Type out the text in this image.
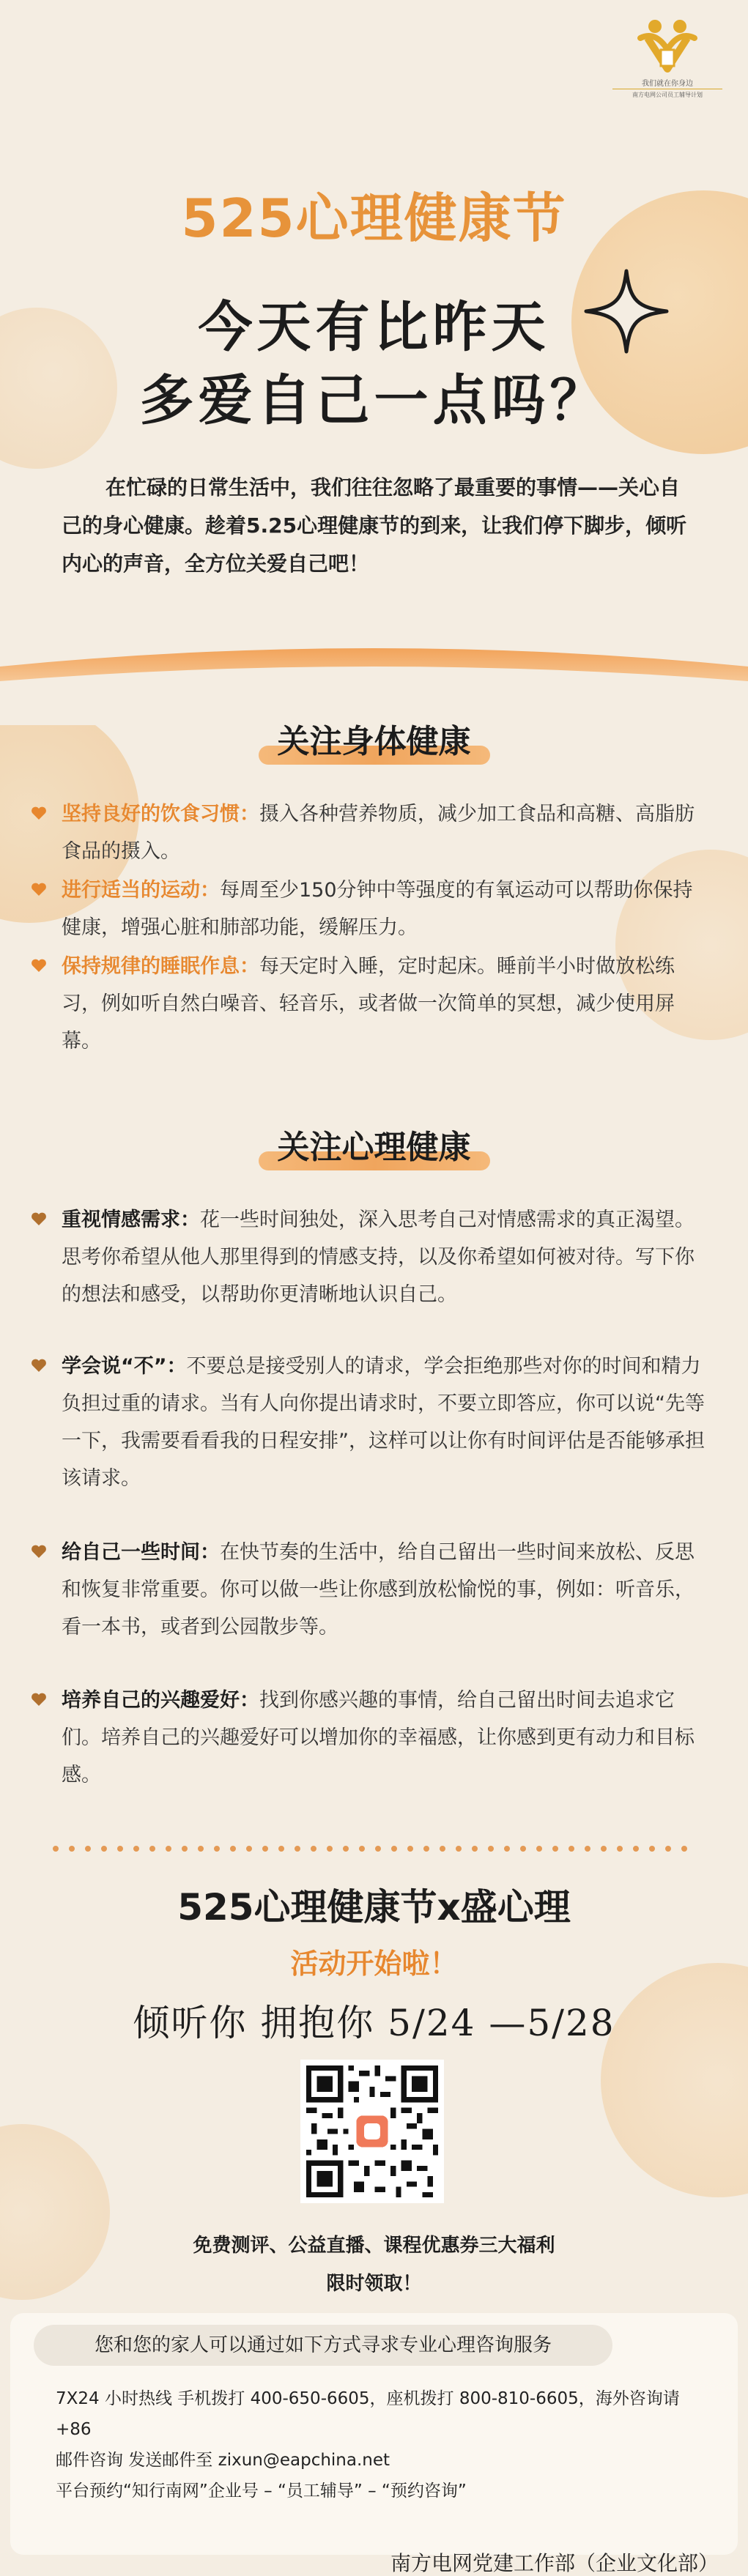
我们就在你身边
南方电网公司员工辅导计划
525心理健康节
今天有比昨天
多爱自己一点吗？
在忙碌的日常生活中，我们往往忽略了最重要的事情——关心自己的身心健康。趁着5.25心理健康节的到来，让我们停下脚步，倾听内心的声音，全方位关爱自己吧！
关注身体健康
坚持良好的饮食习惯：摄入各种营养物质，减少加工食品和高糖、高脂肪食品的摄入。
进行适当的运动：每周至少150分钟中等强度的有氧运动可以帮助你保持健康，增强心脏和肺部功能，缓解压力。
保持规律的睡眠作息：每天定时入睡，定时起床。睡前半小时做放松练习，例如听自然白噪音、轻音乐，或者做一次简单的冥想，减少使用屏幕。
关注心理健康
重视情感需求：花一些时间独处，深入思考自己对情感需求的真正渴望。思考你希望从他人那里得到的情感支持，以及你希望如何被对待。写下你的想法和感受，以帮助你更清晰地认识自己。
学会说“不”：不要总是接受别人的请求，学会拒绝那些对你的时间和精力负担过重的请求。当有人向你提出请求时，不要立即答应，你可以说“先等一下，我需要看看我的日程安排”，这样可以让你有时间评估是否能够承担该请求。
给自己一些时间：在快节奏的生活中，给自己留出一些时间来放松、反思和恢复非常重要。你可以做一些让你感到放松愉悦的事，例如：听音乐，看一本书，或者到公园散步等。
培养自己的兴趣爱好：找到你感兴趣的事情，给自己留出时间去追求它们。培养自己的兴趣爱好可以增加你的幸福感，让你感到更有动力和目标感。
525心理健康节x盛心理
活动开始啦！
倾听你 拥抱你 5/24 —5/28
免费测评、公益直播、课程优惠券三大福利
限时领取！
您和您的家人可以通过如下方式寻求专业心理咨询服务
7X24 小时热线 手机拨打 400-650-6605，座机拨打 800-810-6605，海外咨询请 +86
邮件咨询 发送邮件至 zixun@eapchina.net
平台预约“知行南网”企业号 – “员工辅导” – “预约咨询”
南方电网党建工作部（企业文化部）
